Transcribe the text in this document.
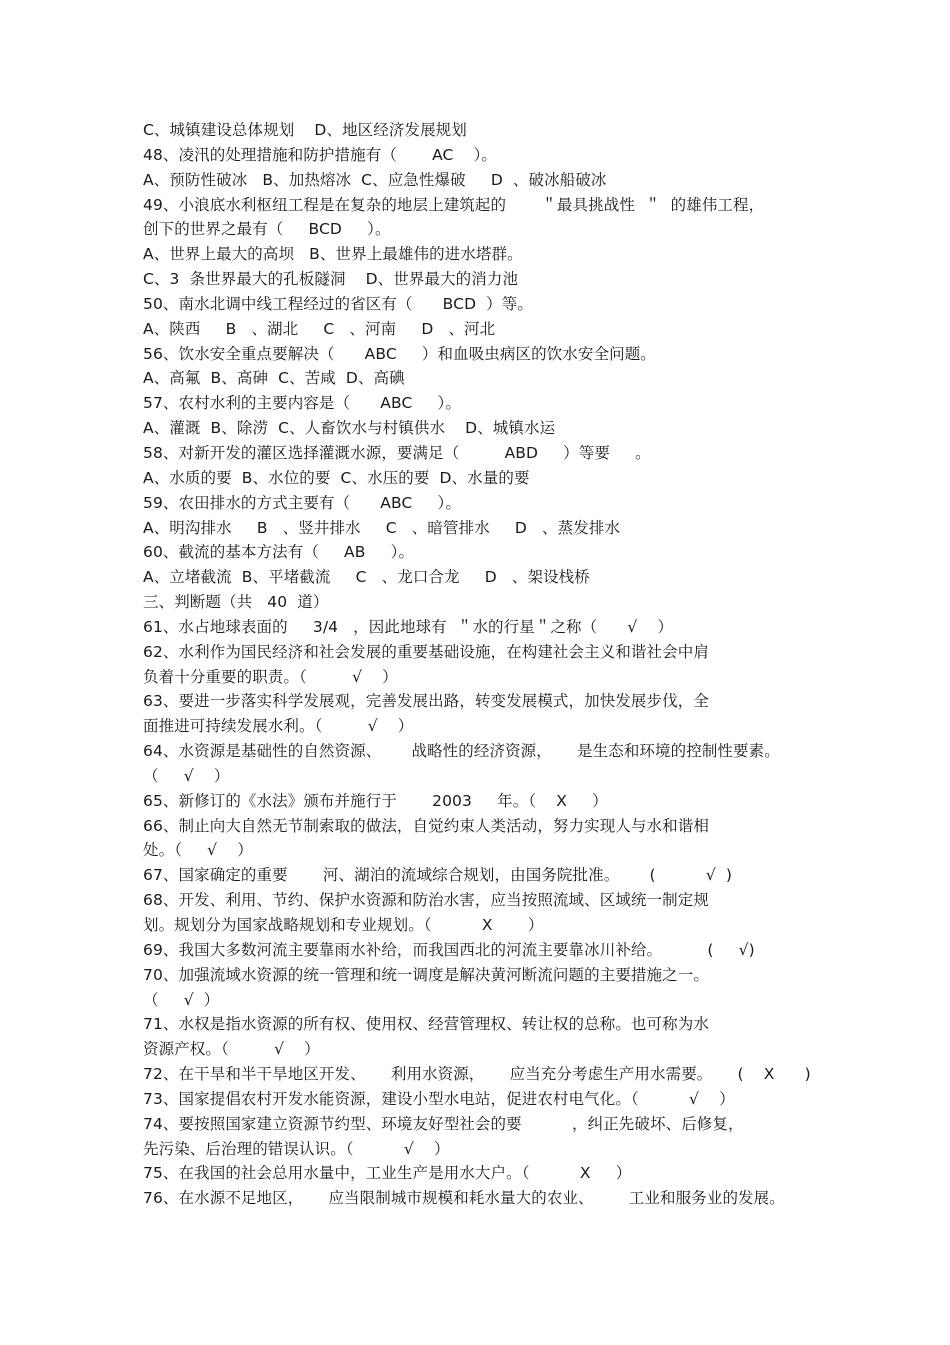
C、城镇建设总体规划    D、地区经济发展规划
48、凌汛的处理措施和防护措施有（       AC    ）。
A、预防性破冰   B、加热熔冰  C、应急性爆破     D  、破冰船破冰
49、小浪底水利枢纽工程是在复杂的地层上建筑起的       ＂最具挑战性  ＂  的雄伟工程，
创下的世界之最有（     BCD     ）。
A、世界上最大的高坝   B、世界上最雄伟的进水塔群。
C、3  条世界最大的孔板隧洞    D、世界最大的消力池
50、南水北调中线工程经过的省区有（      BCD  ）等。
A、陕西     B   、湖北     C   、河南     D   、河北
56、饮水安全重点要解决（      ABC     ）和血吸虫病区的饮水安全问题。
A、高氟  B、高砷  C、苦咸  D、高碘
57、农村水利的主要内容是（      ABC     ）。
A、灌溉  B、除涝  C、人畜饮水与村镇供水    D、城镇水运
58、对新开发的灌区选择灌溉水源，要满足（         ABD     ）等要     。
A、水质的要  B、水位的要  C、水压的要  D、水量的要
59、农田排水的方式主要有（      ABC     ）。
A、明沟排水     B   、竖井排水     C   、暗管排水     D   、蒸发排水
60、截流的基本方法有（     AB     ）。
A、立堵截流  B、平堵截流     C   、龙口合龙     D   、架设栈桥
三、判断题（共   40  道）
61、水占地球表面的     3/4   ，因此地球有  ＂水的行星＂之称（      √    ）
62、水利作为国民经济和社会发展的重要基础设施，在构建社会主义和谐社会中肩
负着十分重要的职责。（         √    ）
63、要进一步落实科学发展观，完善发展出路，转变发展模式，加快发展步伐，全
面推进可持续发展水利。（         √    ）
64、水资源是基础性的自然资源、      战略性的经济资源，     是生态和环境的控制性要素。
（     √    ）
65、新修订的《水法》颁布并施行于       2003     年。（    X     ）
66、制止向大自然无节制索取的做法，自觉约束人类活动，努力实现人与水和谐相
处。（     √    ）
67、国家确定的重要       河、湖泊的流域综合规划，由国务院批准。      (          √  )
68、开发、利用、节约、保护水资源和防治水害，应当按照流域、区域统一制定规
划。规划分为国家战略规划和专业规划。（          X       ）
69、我国大多数河流主要靠雨水补给，而我国西北的河流主要靠冰川补给。         (     √)
70、加强流域水资源的统一管理和统一调度是解决黄河断流问题的主要措施之一。
（     √  ）
71、水权是指水资源的所有权、使用权、经营管理权、转让权的总称。也可称为水
资源产权。（         √    ）
72、在干旱和半干旱地区开发、     利用水资源，     应当充分考虑生产用水需要。     (    X      )
73、国家提倡农村开发水能资源，建设小型水电站，促进农村电气化。（          √    ）
74、要按照国家建立资源节约型、环境友好型社会的要          ，纠正先破坏、后修复，
先污染、后治理的错误认识。（          √    ）
75、在我国的社会总用水量中，工业生产是用水大户。（          X     ）
76、在水源不足地区，     应当限制城市规模和耗水量大的农业、       工业和服务业的发展。
